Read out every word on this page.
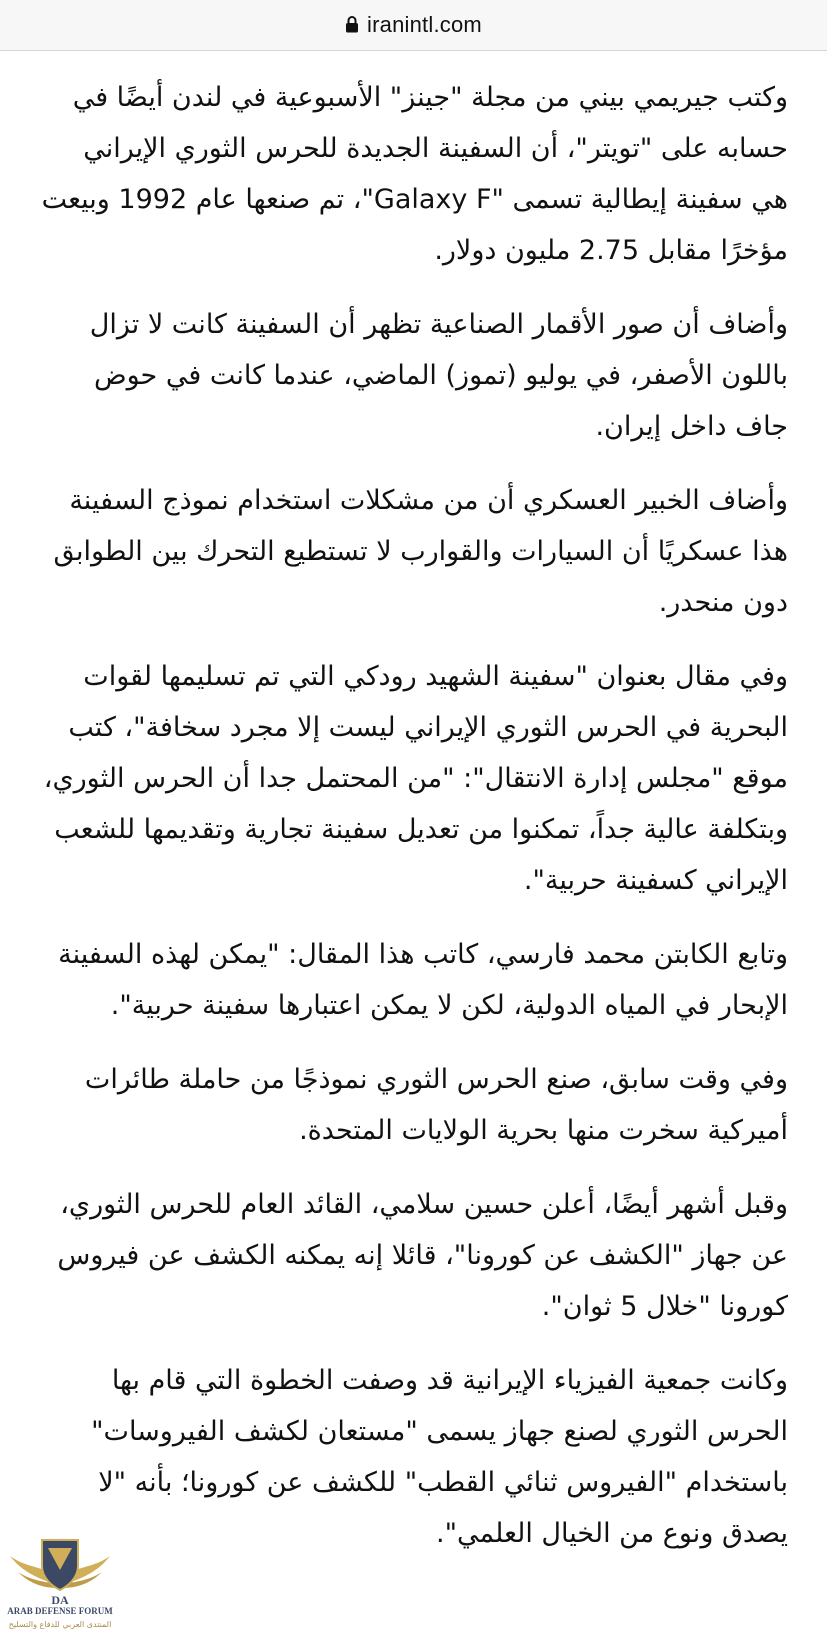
iranintl.com

وكتب جيريمي بيني من مجلة "جينز" الأسبوعية في لندن أيضًا في حسابه على "تويتر"، أن السفينة الجديدة للحرس الثوري الإيراني هي سفينة إيطالية تسمى "Galaxy F"، تم صنعها عام 1992 وبيعت مؤخرًا مقابل 2.75 مليون دولار.

وأضاف أن صور الأقمار الصناعية تظهر أن السفينة كانت لا تزال باللون الأصفر، في يوليو (تموز) الماضي، عندما كانت في حوض جاف داخل إيران.

وأضاف الخبير العسكري أن من مشكلات استخدام نموذج السفينة هذا عسكريًا أن السيارات والقوارب لا تستطيع التحرك بين الطوابق دون منحدر.

وفي مقال بعنوان "سفينة الشهيد رودكي التي تم تسليمها لقوات البحرية في الحرس الثوري الإيراني ليست إلا مجرد سخافة"، كتب موقع "مجلس إدارة الانتقال": "من المحتمل جدا أن الحرس الثوري، وبتكلفة عالية جداً، تمكنوا من تعديل سفينة تجارية وتقديمها للشعب الإيراني كسفينة حربية".

وتابع الكابتن محمد فارسي، كاتب هذا المقال: "يمكن لهذه السفينة الإبحار في المياه الدولية، لكن لا يمكن اعتبارها سفينة حربية".

وفي وقت سابق، صنع الحرس الثوري نموذجًا من حاملة طائرات أميركية سخرت منها بحرية الولايات المتحدة.

وقبل أشهر أيضًا، أعلن حسين سلامي، القائد العام للحرس الثوري، عن جهاز "الكشف عن كورونا"، قائلا إنه يمكنه الكشف عن فيروس كورونا "خلال 5 ثوان".

وكانت جمعية الفيزياء الإيرانية قد وصفت الخطوة التي قام بها الحرس الثوري لصنع جهاز يسمى "مستعان لكشف الفيروسات" باستخدام "الفيروس ثنائي القطب" للكشف عن كورونا؛ بأنه "لا يصدق ونوع من الخيال العلمي".

DA
ARAB DEFENSE FORUM
المنتدى العربي للدفاع والتسليح
